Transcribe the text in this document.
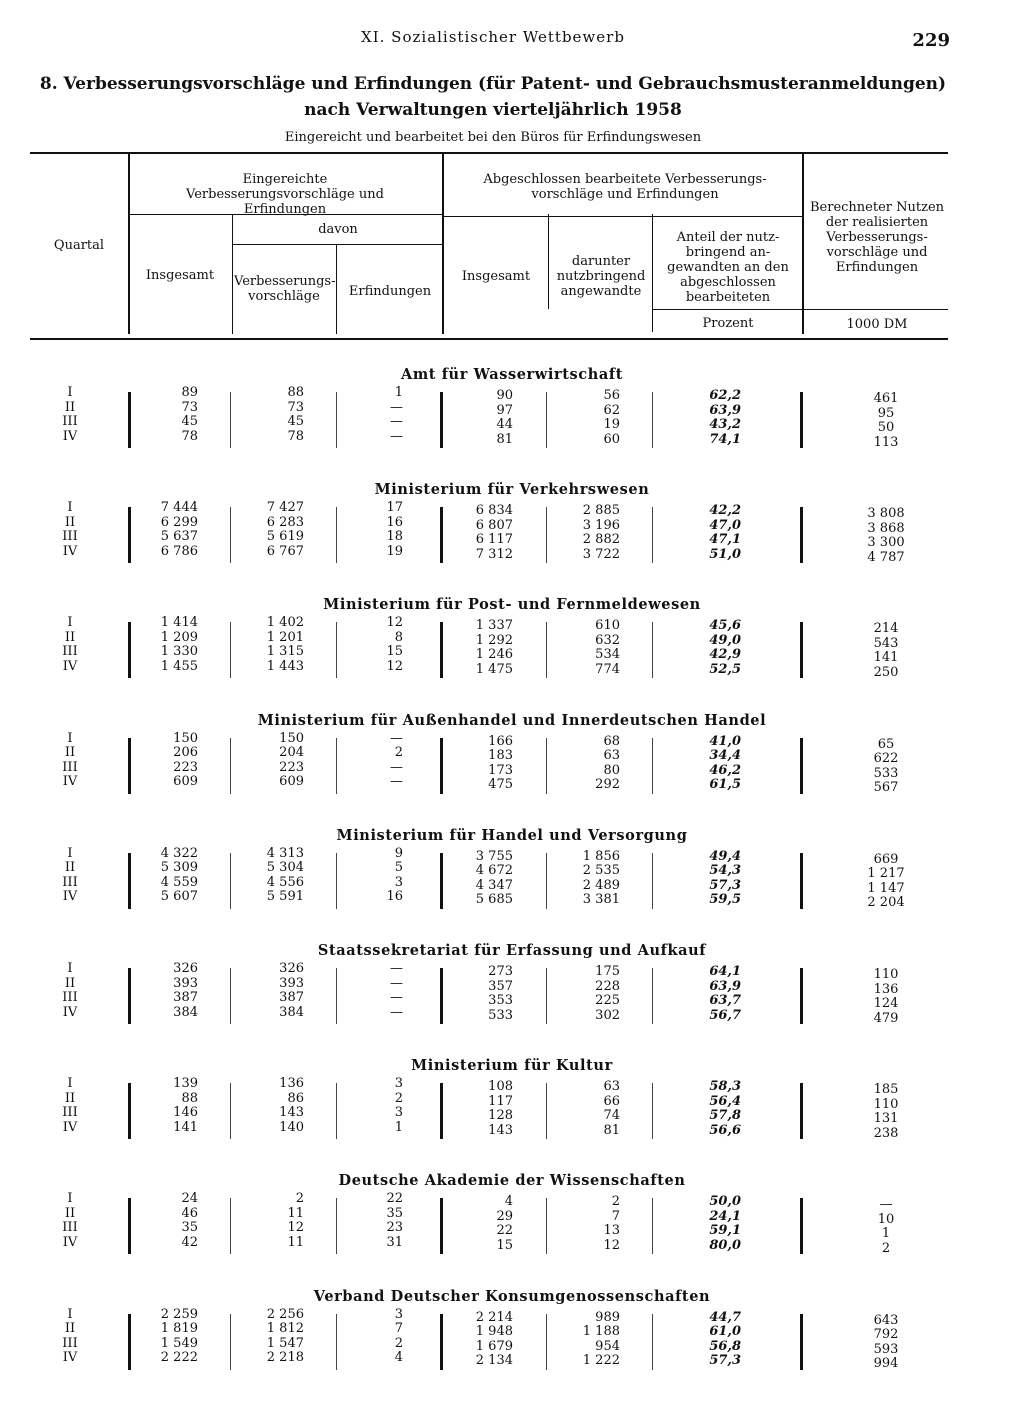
XI. Sozialistischer Wettbewerb	229
8. Verbesserungsvorschläge und Erfindungen (für Patent- und Gebrauchsmusteranmeldungen)
nach Verwaltungen vierteljährlich 1958
Eingereicht und bearbeitet bei den Büros für Erfindungswesen
Quartal
Eingereichte Verbesserungsvorschläge und Erfindungen
Insgesamt
davon
Verbesserungs-vorschläge	Erfindungen
Abgeschlossen bearbeitete Verbesserungs-vorschläge und Erfindungen
Insgesamt
darunter nutzbringend angewandte
Anteil der nutz-bringend an-gewandten an den abgeschlossen bearbeiteten
Berechneter Nutzen der realisierten Verbesserungs-vorschläge und Erfindungen
Prozent	1000 DM
Amt für Wasserwirtschaft
I	89	88	1	90	56	62,2	461
II	73	73	—	97	62	63,9	95
III	45	45	—	44	19	43,2	50
IV	78	78	—	81	60	74,1	113
Ministerium für Verkehrswesen
I	7 444	7 427	17	6 834	2 885	42,2	3 808
II	6 299	6 283	16	6 807	3 196	47,0	3 868
III	5 637	5 619	18	6 117	2 882	47,1	3 300
IV	6 786	6 767	19	7 312	3 722	51,0	4 787
Ministerium für Post- und Fernmeldewesen
I	1 414	1 402	12	1 337	610	45,6	214
II	1 209	1 201	8	1 292	632	49,0	543
III	1 330	1 315	15	1 246	534	42,9	141
IV	1 455	1 443	12	1 475	774	52,5	250
Ministerium für Außenhandel und Innerdeutschen Handel
I	150	150	—	166	68	41,0	65
II	206	204	2	183	63	34,4	622
III	223	223	—	173	80	46,2	533
IV	609	609	—	475	292	61,5	567
Ministerium für Handel und Versorgung
I	4 322	4 313	9	3 755	1 856	49,4	669
II	5 309	5 304	5	4 672	2 535	54,3	1 217
III	4 559	4 556	3	4 347	2 489	57,3	1 147
IV	5 607	5 591	16	5 685	3 381	59,5	2 204
Staatssekretariat für Erfassung und Aufkauf
I	326	326	—	273	175	64,1	110
II	393	393	—	357	228	63,9	136
III	387	387	—	353	225	63,7	124
IV	384	384	—	533	302	56,7	479
Ministerium für Kultur
I	139	136	3	108	63	58,3	185
II	88	86	2	117	66	56,4	110
III	146	143	3	128	74	57,8	131
IV	141	140	1	143	81	56,6	238
Deutsche Akademie der Wissenschaften
I	24	2	22	4	2	50,0	—
II	46	11	35	29	7	24,1	10
III	35	12	23	22	13	59,1	1
IV	42	11	31	15	12	80,0	2
Verband Deutscher Konsumgenossenschaften
I	2 259	2 256	3	2 214	989	44,7	643
II	1 819	1 812	7	1 948	1 188	61,0	792
III	1 549	1 547	2	1 679	954	56,8	593
IV	2 222	2 218	4	2 134	1 222	57,3	994
